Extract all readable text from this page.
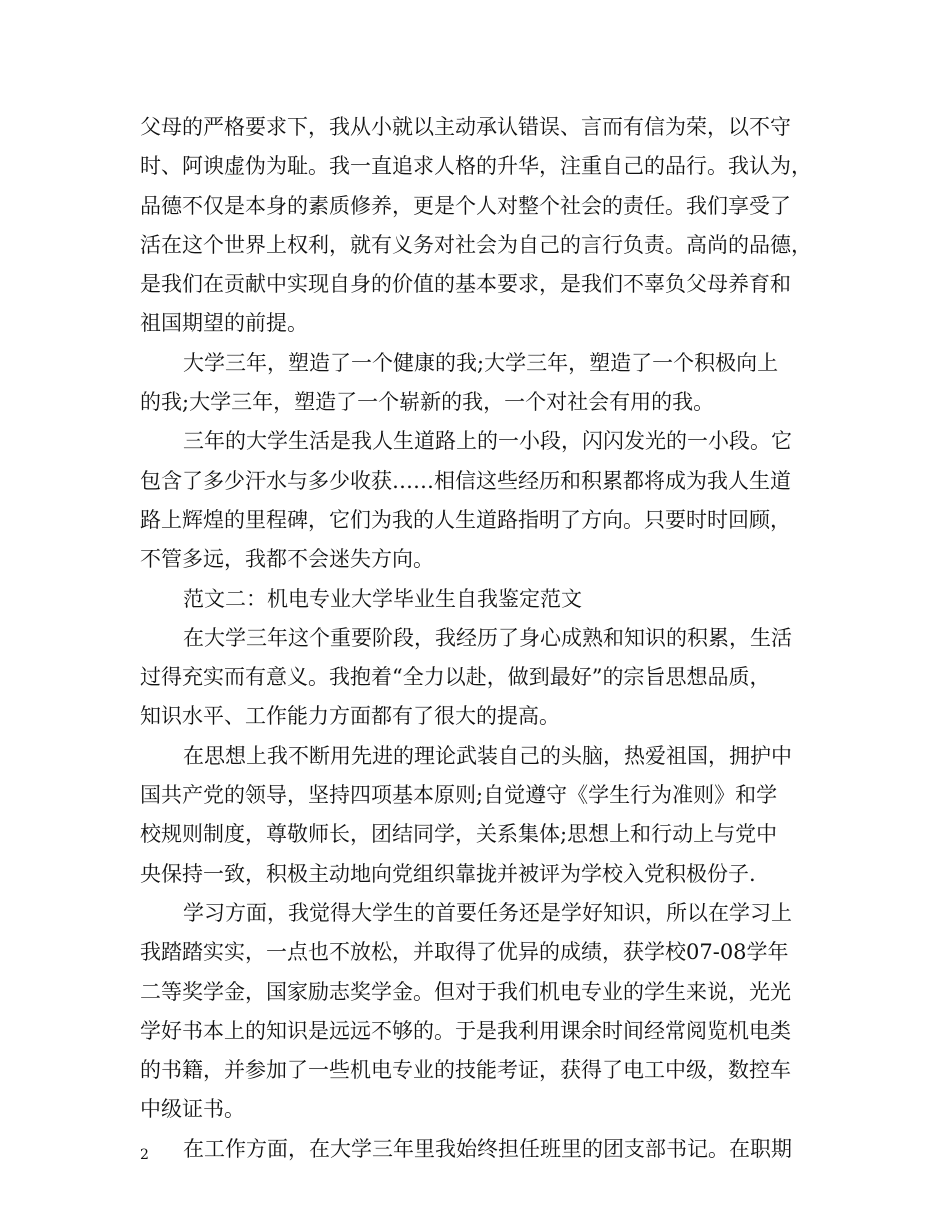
父母的严格要求下，我从小就以主动承认错误、言而有信为荣，以不守
时、阿谀虚伪为耻。我一直追求人格的升华，注重自己的品行。我认为，
品德不仅是本身的素质修养，更是个人对整个社会的责任。我们享受了
活在这个世界上权利，就有义务对社会为自己的言行负责。高尚的品德，
是我们在贡献中实现自身的价值的基本要求，是我们不辜负父母养育和
祖国期望的前提。
大学三年，塑造了一个健康的我;大学三年，塑造了一个积极向上
的我;大学三年，塑造了一个崭新的我，一个对社会有用的我。
三年的大学生活是我人生道路上的一小段，闪闪发光的一小段。它
包含了多少汗水与多少收获……相信这些经历和积累都将成为我人生道
路上辉煌的里程碑，它们为我的人生道路指明了方向。只要时时回顾，
不管多远，我都不会迷失方向。
范文二：机电专业大学毕业生自我鉴定范文
在大学三年这个重要阶段，我经历了身心成熟和知识的积累，生活
过得充实而有意义。我抱着“全力以赴，做到最好”的宗旨思想品质，
知识水平、工作能力方面都有了很大的提高。
在思想上我不断用先进的理论武装自己的头脑，热爱祖国，拥护中
国共产党的领导，坚持四项基本原则;自觉遵守《学生行为准则》和学
校规则制度，尊敬师长，团结同学，关系集体;思想上和行动上与党中
央保持一致，积极主动地向党组织靠拢并被评为学校入党积极份子.
学习方面，我觉得大学生的首要任务还是学好知识，所以在学习上
我踏踏实实，一点也不放松，并取得了优异的成绩，获学校07-08学年
二等奖学金，国家励志奖学金。但对于我们机电专业的学生来说，光光
学好书本上的知识是远远不够的。于是我利用课余时间经常阅览机电类
的书籍，并参加了一些机电专业的技能考证，获得了电工中级，数控车
中级证书。
在工作方面，在大学三年里我始终担任班里的团支部书记。在职期
2
